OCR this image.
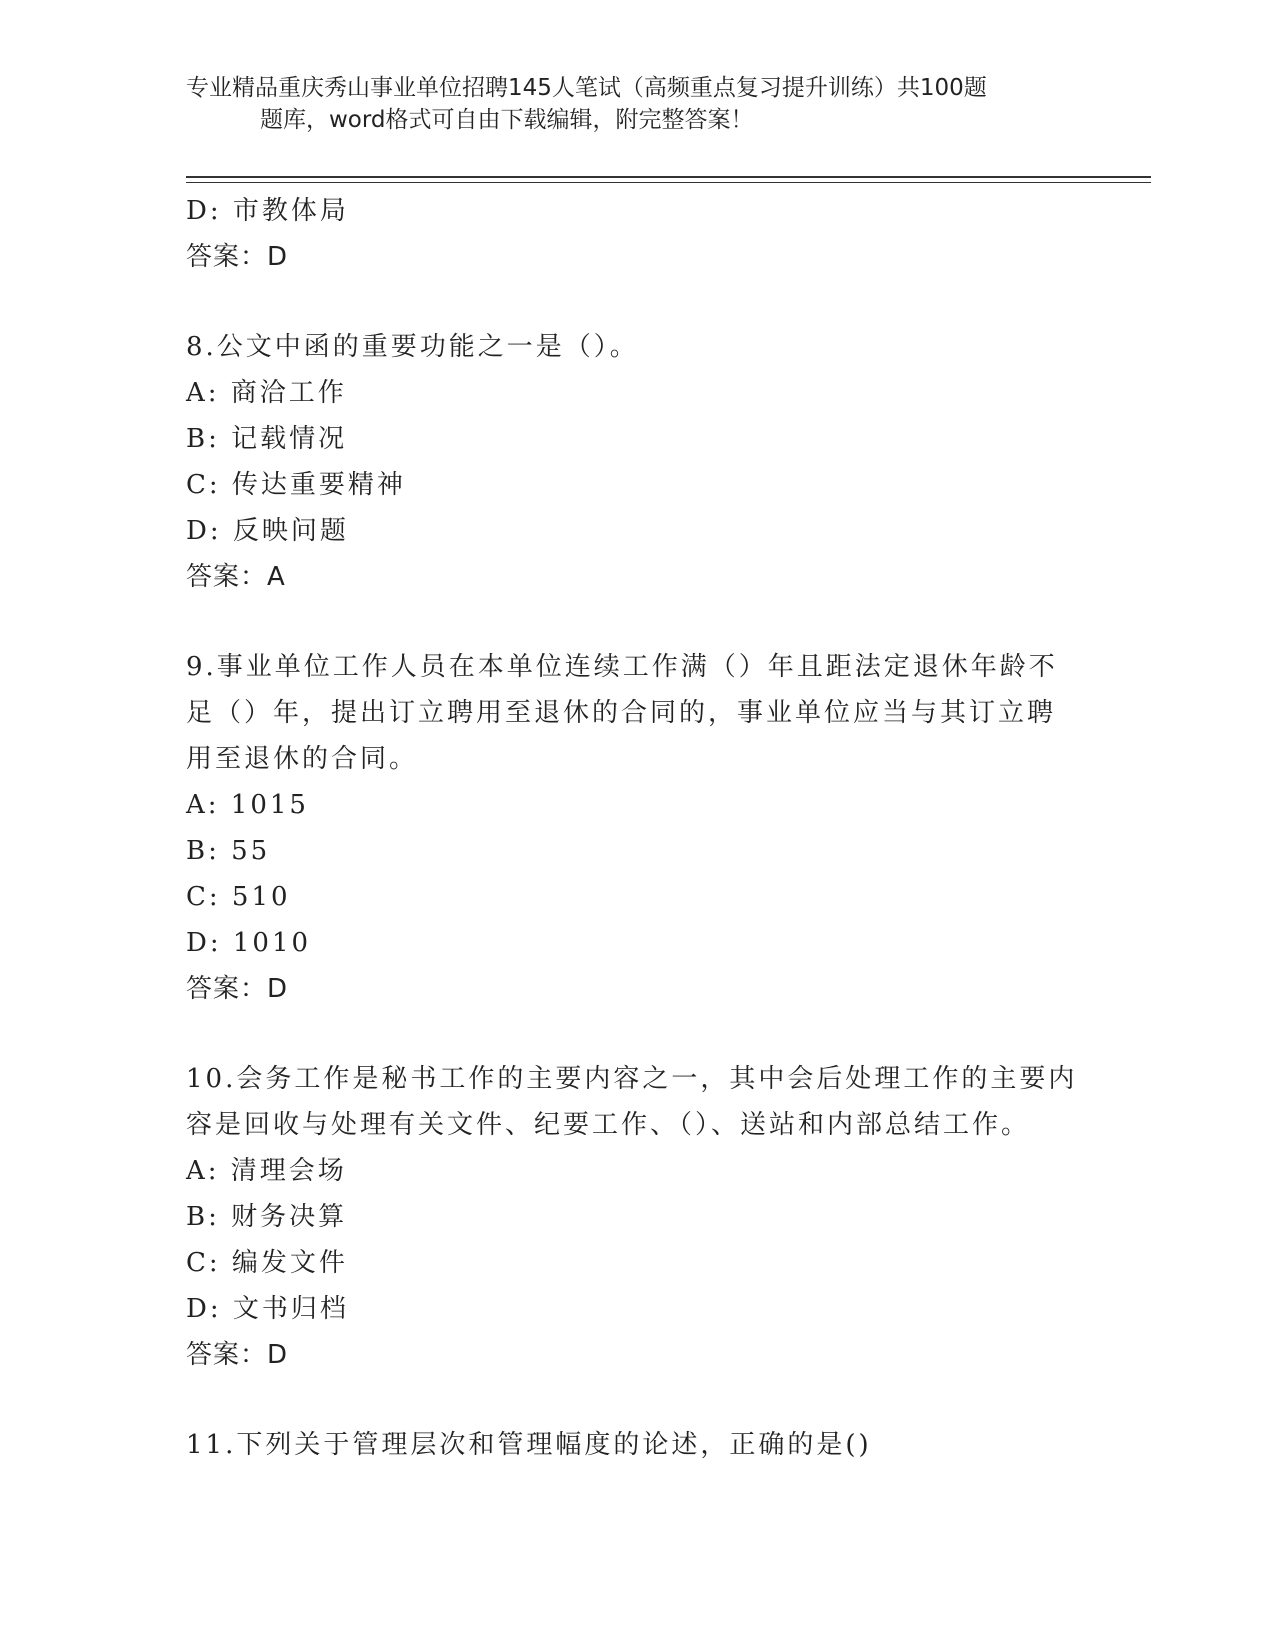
专业精品重庆秀山事业单位招聘145人笔试（高频重点复习提升训练）共100题
题库，word格式可自由下载编辑，附完整答案！
D: 市教体局
答案：D
8.公文中函的重要功能之一是（）。
A: 商洽工作
B: 记载情况
C: 传达重要精神
D: 反映问题
答案：A
9.事业单位工作人员在本单位连续工作满（）年且距法定退休年龄不
足（）年，提出订立聘用至退休的合同的，事业单位应当与其订立聘
用至退休的合同。
A: 1015
B: 55
C: 510
D: 1010
答案：D
10.会务工作是秘书工作的主要内容之一，其中会后处理工作的主要内
容是回收与处理有关文件、纪要工作、（）、送站和内部总结工作。
A: 清理会场
B: 财务决算
C: 编发文件
D: 文书归档
答案：D
11.下列关于管理层次和管理幅度的论述，正确的是()
